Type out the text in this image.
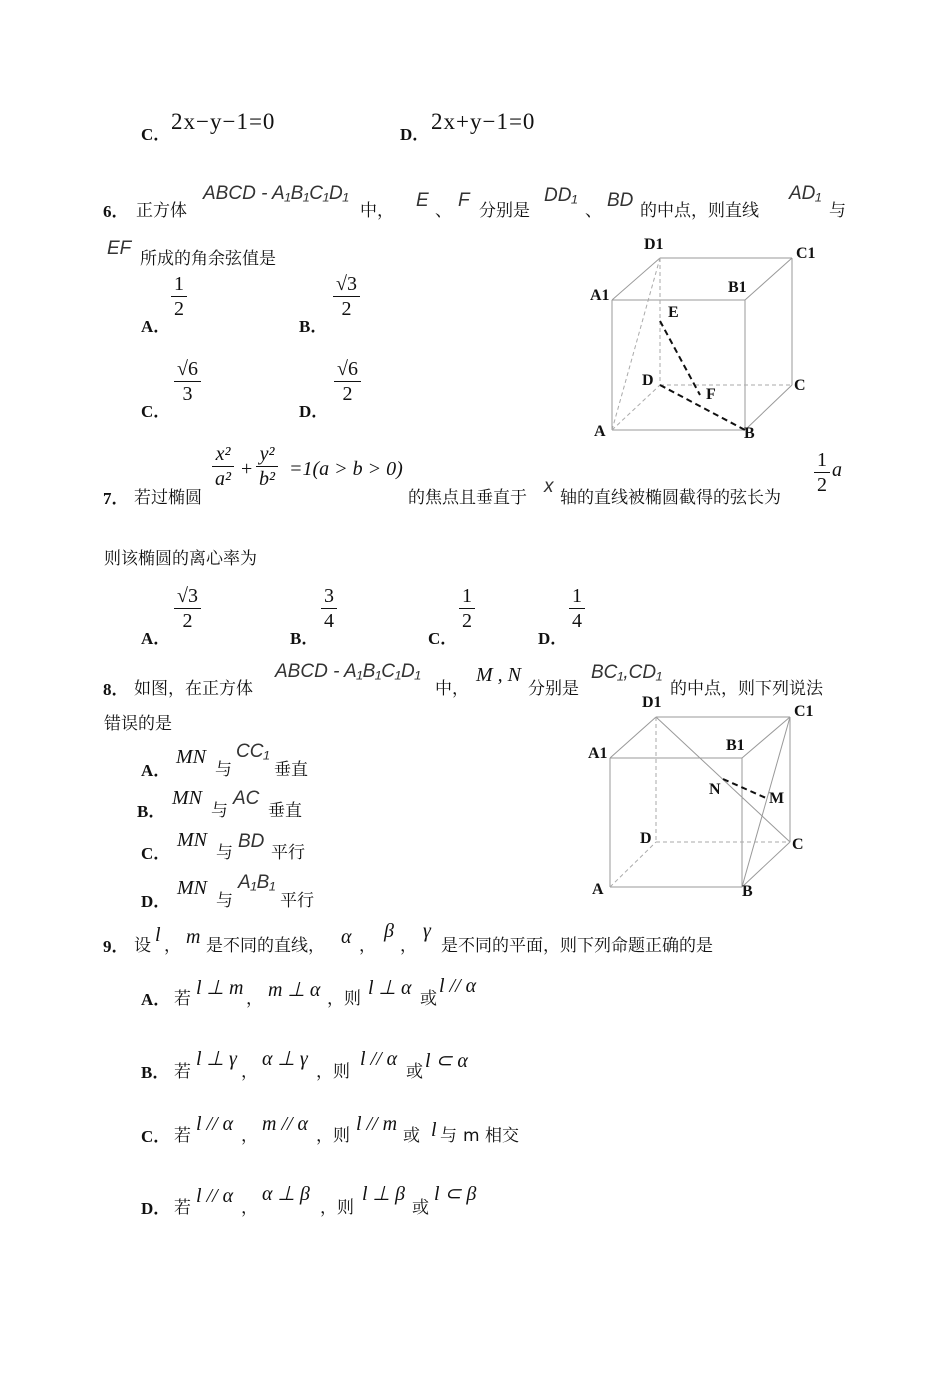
C．
2x−y−1=0
D．
2x+y−1=0
6． 正方体
ABCD - A₁B₁C₁D₁
中， E 、 F 分别是
DD₁
、 BD 的中点，则直线
AD₁
与
EF 所成的角余弦值是
A．
$\frac{1}{2}$
B．
$\frac{√3}{2}$
C．
$\frac{√6}{3}$
D．
$\frac{√6}{2}$
D1
C1
A1	B1
E
D
F
C
A	B
7． 若过椭圆
$\frac{\text{x²}}{\text{a²}} + \frac{\text{y²}}{\text{b²}} =1(a > b > 0)$
的焦点且垂直于
x
轴的直线被椭圆截得的弦长为
$\frac{1}{2}$ a
则该椭圆的离心率为
A．
$\frac{√3}{2}$
B．
$\frac{3}{4}$
C．
$\frac{1}{2}$
D．
$\frac{1}{4}$
8． 如图，在正方体
ABCD - A₁B₁C₁D₁
中，
M , N
分别是
BC₁,CD₁
的中点，则下列说法
错误的是
A．
MN
与
CC₁
垂直
B．
MN
与
AC
垂直
C．
MN
与
BD
平行
D．
MN
与
A₁B₁
平行
D1
C1
A1	B1
N
M
D	C
A	B
9． 设 l ， m 是不同的直线， α ，
β
，
γ
是不同的平面，则下列命题正确的是
A． 若 l ⊥ m ， m ⊥ α ，则 l ⊥ α 或
l // α
B． 若
l ⊥ γ
，
α ⊥ γ
，则
l // α
或 l ⊂ α
C． 若
l // α
，
m // α
，则
l // m
或 l 与 m 相交
D． 若
l // α
，
α ⊥ β
，则
l ⊥ β
或
l ⊂ β
